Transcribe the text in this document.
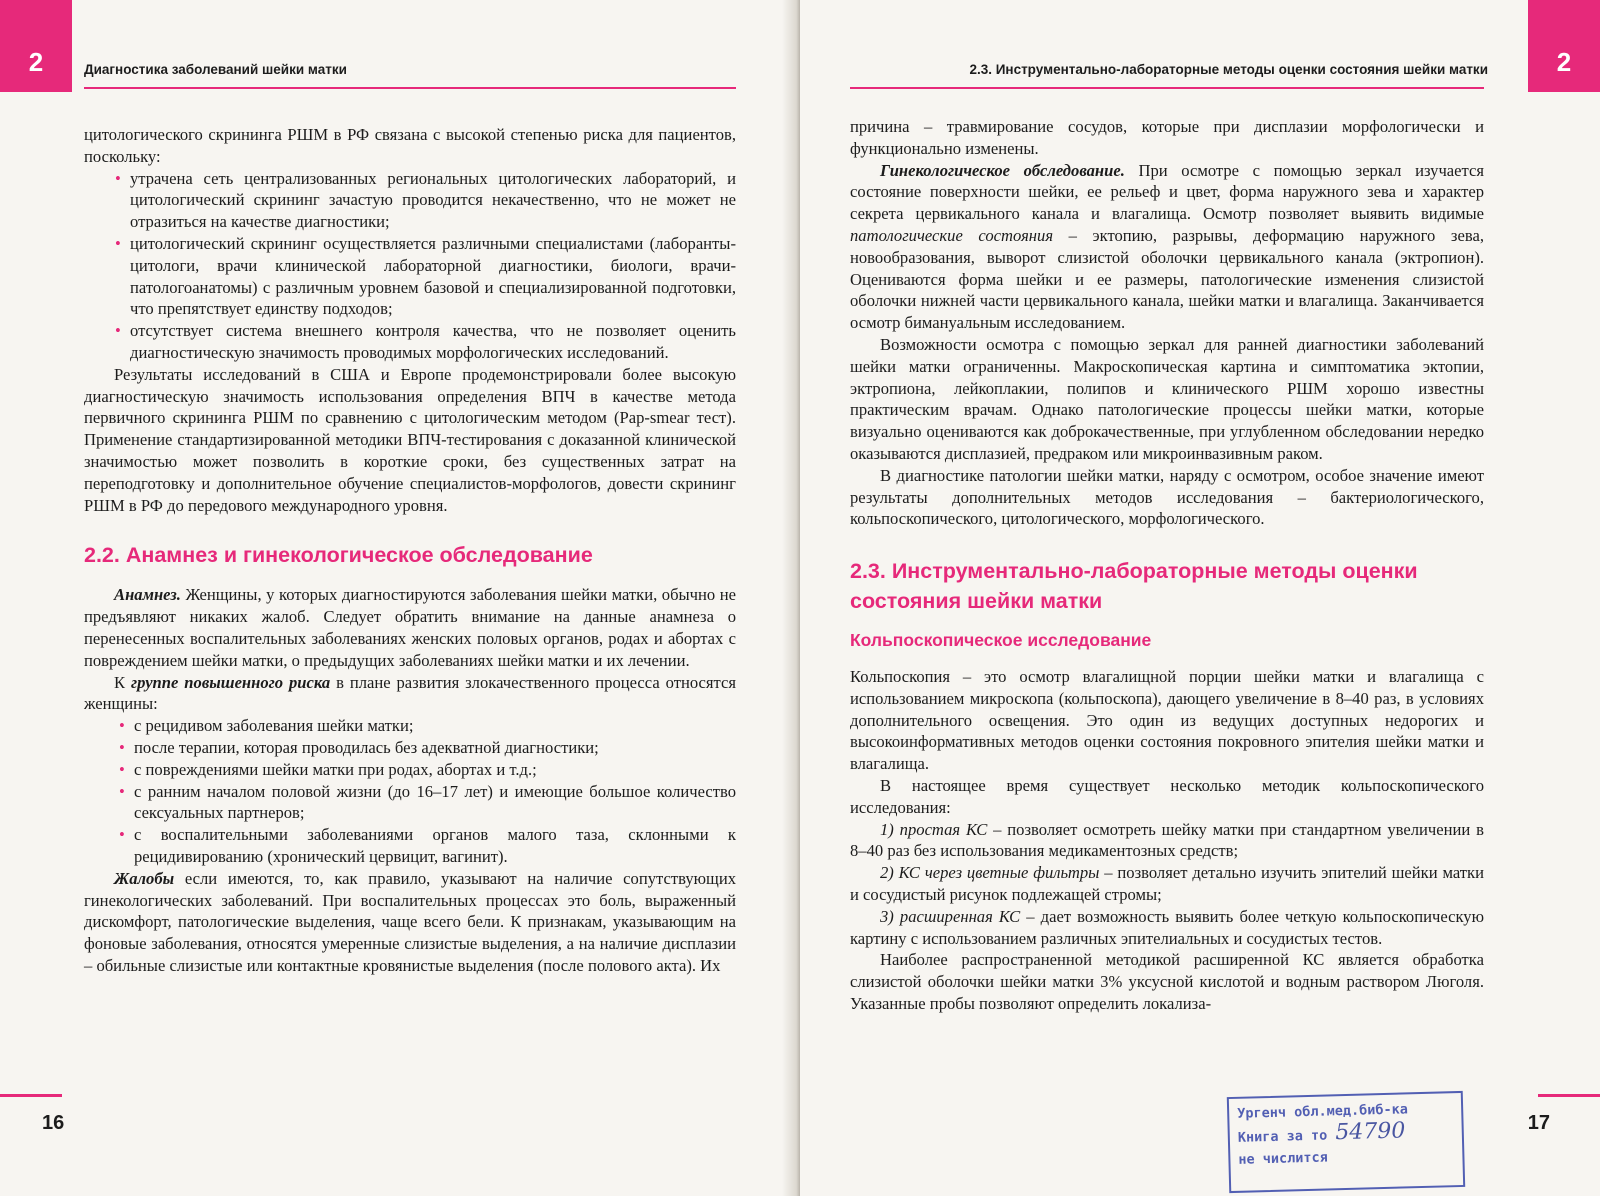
2	Диагностика заболеваний шейки матки

цитологического скрининга РШМ в РФ связана с высокой степенью риска для пациентов, поскольку:

• утрачена сеть централизованных региональных цитологических лабораторий, и цитологический скрининг зачастую проводится некачественно, что не может не отразиться на качестве диагностики;
• цитологический скрининг осуществляется различными специалистами (лаборанты-цитологи, врачи клинической лабораторной диагностики, биологи, врачи-патологоанатомы) с различным уровнем базовой и специализированной подготовки, что препятствует единству подходов;
• отсутствует система внешнего контроля качества, что не позволяет оценить диагностическую значимость проводимых морфологических исследований.

Результаты исследований в США и Европе продемонстрировали более высокую диагностическую значимость использования определения ВПЧ в качестве метода первичного скрининга РШМ по сравнению с цитологическим методом (Pap-smear тест). Применение стандартизированной методики ВПЧ-тестирования с доказанной клинической значимостью может позволить в короткие сроки, без существенных затрат на переподготовку и дополнительное обучение специалистов-морфологов, довести скрининг РШМ в РФ до передового международного уровня.

2.2. Анамнез и гинекологическое обследование

Анамнез. Женщины, у которых диагностируются заболевания шейки матки, обычно не предъявляют никаких жалоб. Следует обратить внимание на данные анамнеза о перенесенных воспалительных заболеваниях женских половых органов, родах и абортах с повреждением шейки матки, о предыдущих заболеваниях шейки матки и их лечении.

К группе повышенного риска в плане развития злокачественного процесса относятся женщины:

• с рецидивом заболевания шейки матки;
• после терапии, которая проводилась без адекватной диагностики;
• с повреждениями шейки матки при родах, абортах и т.д.;
• с ранним началом половой жизни (до 16–17 лет) и имеющие большое количество сексуальных партнеров;
• с воспалительными заболеваниями органов малого таза, склонными к рецидивированию (хронический цервицит, вагинит).

Жалобы если имеются, то, как правило, указывают на наличие сопутствующих гинекологических заболеваний. При воспалительных процессах это боль, выраженный дискомфорт, патологические выделения, чаще всего бели. К признакам, указывающим на фоновые заболевания, относятся умеренные слизистые выделения, а на наличие дисплазии – обильные слизистые или контактные кровянистые выделения (после полового акта). Их

16
2
2.3. Инструментально-лабораторные методы оценки состояния шейки матки

причина – травмирование сосудов, которые при дисплазии морфологически и функционально изменены.

Гинекологическое обследование. При осмотре с помощью зеркал изучается состояние поверхности шейки, ее рельеф и цвет, форма наружного зева и характер секрета цервикального канала и влагалища. Осмотр позволяет выявить видимые патологические состояния – эктопию, разрывы, деформацию наружного зева, новообразования, выворот слизистой оболочки цервикального канала (эктропион). Оцениваются форма шейки и ее размеры, патологические изменения слизистой оболочки нижней части цервикального канала, шейки матки и влагалища. Заканчивается осмотр бимануальным исследованием.

Возможности осмотра с помощью зеркал для ранней диагностики заболеваний шейки матки ограниченны. Макроскопическая картина и симптоматика эктопии, эктропиона, лейкоплакии, полипов и клинического РШМ хорошо известны практическим врачам. Однако патологические процессы шейки матки, которые визуально оцениваются как доброкачественные, при углубленном обследовании нередко оказываются дисплазией, предраком или микроинвазивным раком.

В диагностике патологии шейки матки, наряду с осмотром, особое значение имеют результаты дополнительных методов исследования – бактериологического, кольпоскопического, цитологического, морфологического.

2.3. Инструментально-лабораторные методы оценки состояния шейки матки
Кольпоскопическое исследование

Кольпоскопия – это осмотр влагалищной порции шейки матки и влагалища с использованием микроскопа (кольпоскопа), дающего увеличение в 8–40 раз, в условиях дополнительного освещения. Это один из ведущих доступных недорогих и высокоинформативных методов оценки состояния покровного эпителия шейки матки и влагалища.

В настоящее время существует несколько методик кольпоскопического исследования:

1) простая КС – позволяет осмотреть шейку матки при стандартном увеличении в 8–40 раз без использования медикаментозных средств;

2) КС через цветные фильтры – позволяет детально изучить эпителий шейки матки и сосудистый рисунок подлежащей стромы;

3) расширенная КС – дает возможность выявить более четкую кольпоскопическую картину с использованием различных эпителиальных и сосудистых тестов.

Наиболее распространенной методикой расширенной КС является обработка слизистой оболочки шейки матки 3% уксусной кислотой и водным раствором Люголя. Указанные пробы позволяют определить локализа-

17
Ургенч обл.мед.биб-ка
Книга за то 54790
не числится
